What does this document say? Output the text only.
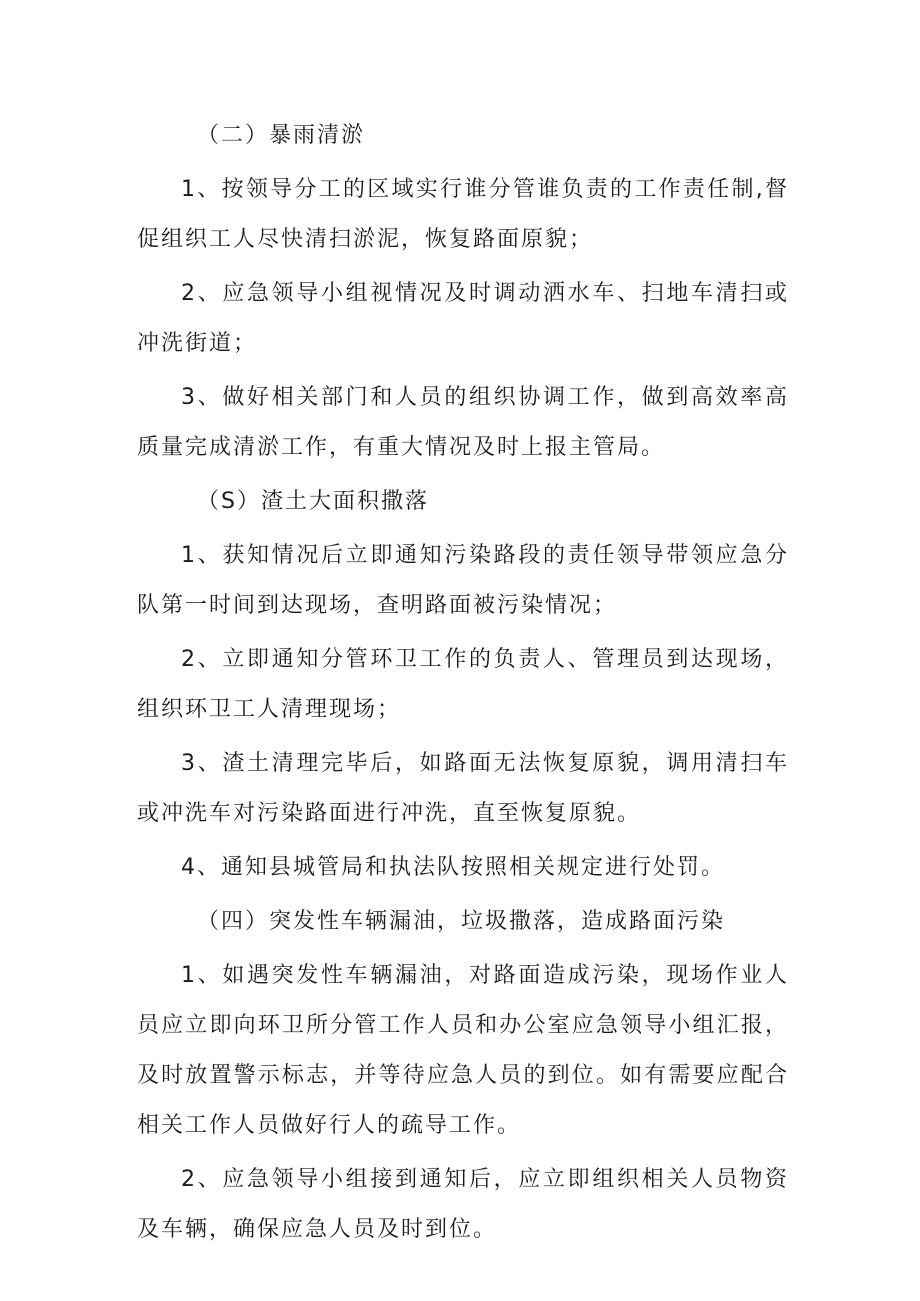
（二）暴雨清淤

1、按领导分工的区域实行谁分管谁负责的工作责任制,督促组织工人尽快清扫淤泥，恢复路面原貌；

2、应急领导小组视情况及时调动洒水车、扫地车清扫或冲洗街道；

3、做好相关部门和人员的组织协调工作，做到高效率高质量完成清淤工作，有重大情况及时上报主管局。

（S）渣土大面积撒落

1、获知情况后立即通知污染路段的责任领导带领应急分队第一时间到达现场，查明路面被污染情况；

2、立即通知分管环卫工作的负责人、管理员到达现场，组织环卫工人清理现场；

3、渣土清理完毕后，如路面无法恢复原貌，调用清扫车或冲洗车对污染路面进行冲洗，直至恢复原貌。

4、通知县城管局和执法队按照相关规定进行处罚。

（四）突发性车辆漏油，垃圾撒落，造成路面污染

1、如遇突发性车辆漏油，对路面造成污染，现场作业人员应立即向环卫所分管工作人员和办公室应急领导小组汇报，及时放置警示标志，并等待应急人员的到位。如有需要应配合相关工作人员做好行人的疏导工作。

2、应急领导小组接到通知后，应立即组织相关人员物资及车辆，确保应急人员及时到位。
